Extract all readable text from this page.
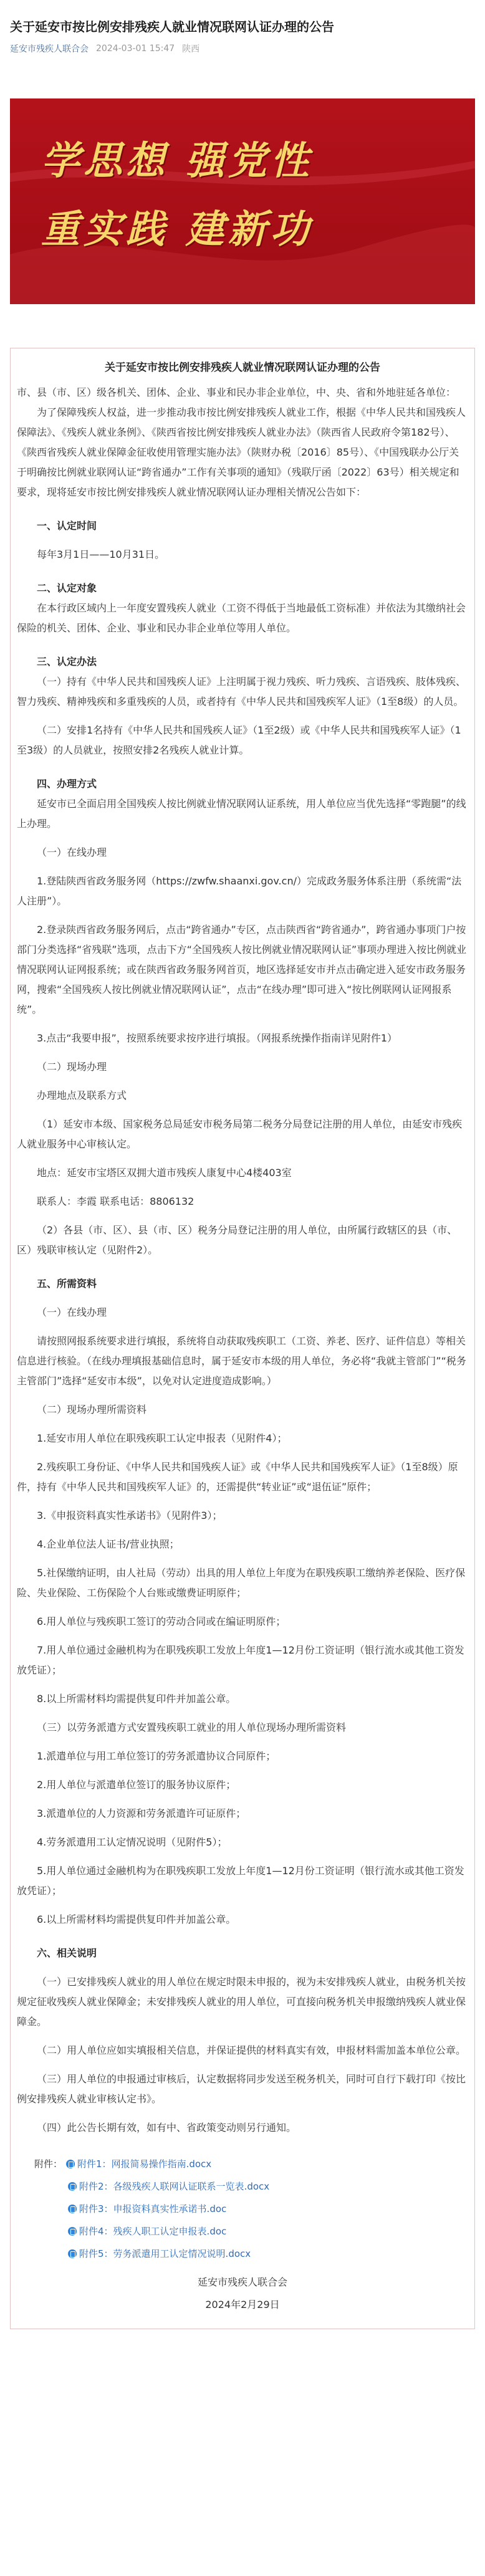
关于延安市按比例安排残疾人就业情况联网认证办理的公告
延安市残疾人联合会 2024-03-01 15:47 陕西
学思想 强党性
重实践 建新功
关于延安市按比例安排残疾人就业情况联网认证办理的公告

市、县（市、区）级各机关、团体、企业、事业和民办非企业单位，中、央、省和外地驻延各单位：

为了保障残疾人权益，进一步推动我市按比例安排残疾人就业工作，根据《中华人民共和国残疾人保障法》、《残疾人就业条例》、《陕西省按比例安排残疾人就业办法》（陕西省人民政府令第182号）、《陕西省残疾人就业保障金征收使用管理实施办法》（陕财办税〔2016〕85号）、《中国残联办公厅关于明确按比例就业联网认证“跨省通办”工作有关事项的通知》（残联厅函〔2022〕63号）相关规定和要求，现将延安市按比例安排残疾人就业情况联网认证办理相关情况公告如下：

一、认定时间

每年3月1日——10月31日。

二、认定对象

在本行政区域内上一年度安置残疾人就业（工资不得低于当地最低工资标准）并依法为其缴纳社会保险的机关、团体、企业、事业和民办非企业单位等用人单位。

三、认定办法

（一）持有《中华人民共和国残疾人证》上注明属于视力残疾、听力残疾、言语残疾、肢体残疾、智力残疾、精神残疾和多重残疾的人员，或者持有《中华人民共和国残疾军人证》（1至8级）的人员。

（二）安排1名持有《中华人民共和国残疾人证》（1至2级）或《中华人民共和国残疾军人证》（1至3级）的人员就业，按照安排2名残疾人就业计算。

四、办理方式

延安市已全面启用全国残疾人按比例就业情况联网认证系统，用人单位应当优先选择“零跑腿”的线上办理。

（一）在线办理

1.登陆陕西省政务服务网（https://zwfw.shaanxi.gov.cn/）完成政务服务体系注册（系统需“法人注册”）。

2.登录陕西省政务服务网后，点击“跨省通办”专区，点击陕西省“跨省通办”，跨省通办事项门户按部门分类选择“省残联”选项，点击下方“全国残疾人按比例就业情况联网认证”事项办理进入按比例就业情况联网认证网报系统；或在陕西省政务服务网首页，地区选择延安市并点击确定进入延安市政务服务网，搜索“全国残疾人按比例就业情况联网认证”，点击“在线办理”即可进入“按比例联网认证网报系统”。

3.点击“我要申报”，按照系统要求按序进行填报。（网报系统操作指南详见附件1）

（二）现场办理

办理地点及联系方式

（1）延安市本级、国家税务总局延安市税务局第二税务分局登记注册的用人单位，由延安市残疾人就业服务中心审核认定。

地点：延安市宝塔区双拥大道市残疾人康复中心4楼403室

联系人：李霞 联系电话：8806132

（2）各县（市、区）、县（市、区）税务分局登记注册的用人单位，由所属行政辖区的县（市、区）残联审核认定（见附件2）。

五、所需资料

（一）在线办理

请按照网报系统要求进行填报，系统将自动获取残疾职工（工资、养老、医疗、证件信息）等相关信息进行核验。（在线办理填报基础信息时，属于延安市本级的用人单位，务必将“我就主管部门”“税务主管部门”选择“延安市本级”，以免对认定进度造成影响。）

（二）现场办理所需资料

1.延安市用人单位在职残疾职工认定申报表（见附件4）；

2.残疾职工身份证、《中华人民共和国残疾人证》或《中华人民共和国残疾军人证》（1至8级）原件，持有《中华人民共和国残疾军人证》的，还需提供“转业证”或“退伍证”原件；

3.《申报资料真实性承诺书》（见附件3）；

4.企业单位法人证书/营业执照；

5.社保缴纳证明，由人社局（劳动）出具的用人单位上年度为在职残疾职工缴纳养老保险、医疗保险、失业保险、工伤保险个人台账或缴费证明原件；

6.用人单位与残疾职工签订的劳动合同或在编证明原件；

7.用人单位通过金融机构为在职残疾职工发放上年度1—12月份工资证明（银行流水或其他工资发放凭证）；

8.以上所需材料均需提供复印件并加盖公章。

（三）以劳务派遣方式安置残疾职工就业的用人单位现场办理所需资料

1.派遣单位与用工单位签订的劳务派遣协议合同原件；

2.用人单位与派遣单位签订的服务协议原件；

3.派遣单位的人力资源和劳务派遣许可证原件；

4.劳务派遣用工认定情况说明（见附件5）；

5.用人单位通过金融机构为在职残疾职工发放上年度1—12月份工资证明（银行流水或其他工资发放凭证）；

6.以上所需材料均需提供复印件并加盖公章。

六、相关说明

（一）已安排残疾人就业的用人单位在规定时限未申报的，视为未安排残疾人就业，由税务机关按规定征收残疾人就业保障金；未安排残疾人就业的用人单位，可直接向税务机关申报缴纳残疾人就业保障金。

（二）用人单位应如实填报相关信息，并保证提供的材料真实有效，申报材料需加盖本单位公章。

（三）用人单位的申报通过审核后，认定数据将同步发送至税务机关，同时可自行下载打印《按比例安排残疾人就业审核认定书》。

（四）此公告长期有效，如有中、省政策变动则另行通知。

附件： 附件1： 网报简易操作指南.docx
附件2：各级残疾人联网认证联系一览表.docx
附件3：申报资料真实性承诺书.doc
附件4：残疾人职工认定申报表.doc
附件5：劳务派遣用工认定情况说明.docx
延安市残疾人联合会
2024年2月29日
